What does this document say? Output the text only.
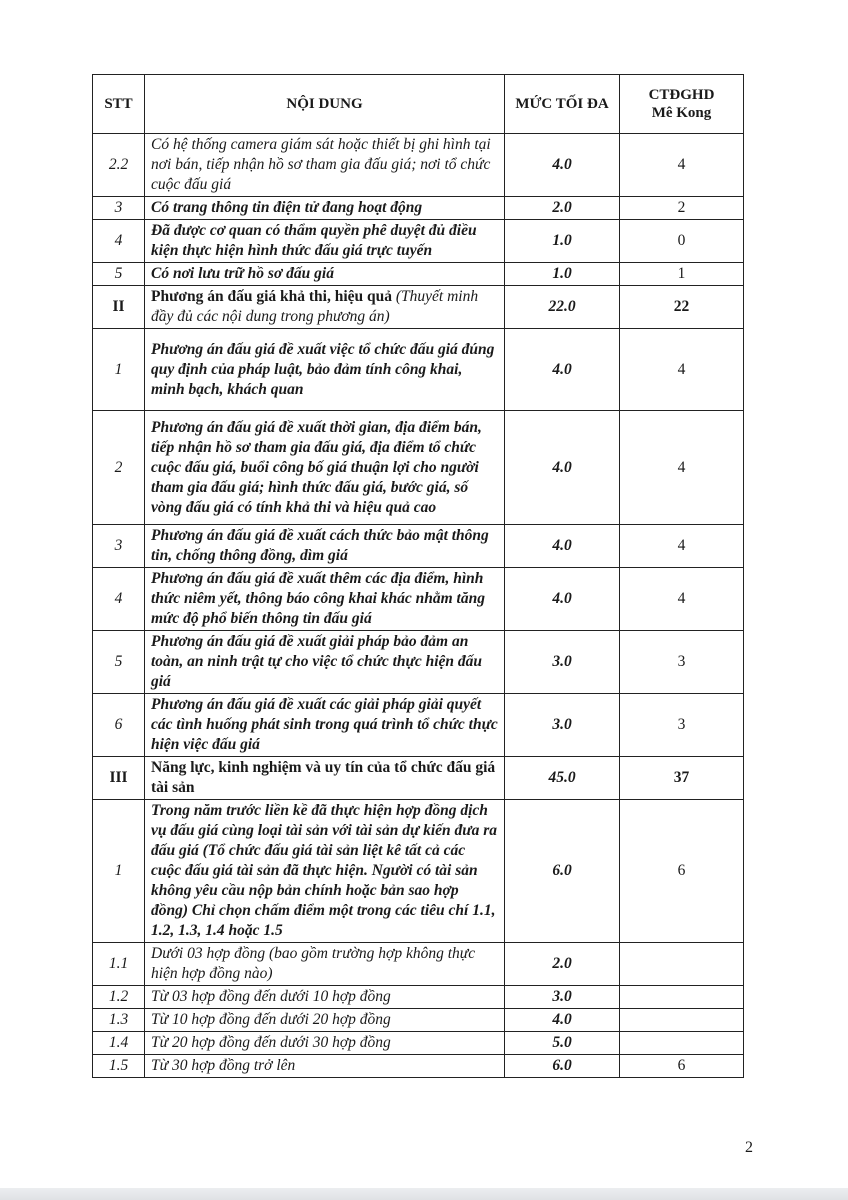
STT	NỘI DUNG	MỨC TỐI ĐA	CTĐGHD
Mê Kong
2.2	Có hệ thống camera giám sát hoặc thiết bị ghi hình tại nơi bán, tiếp nhận hồ sơ tham gia đấu giá; nơi tổ chức cuộc đấu giá	4.0	4
3	Có trang thông tin điện tử đang hoạt động	2.0	2
4	Đã được cơ quan có thẩm quyền phê duyệt đủ điều kiện thực hiện hình thức đấu giá trực tuyến	1.0	0
5	Có nơi lưu trữ hồ sơ đấu giá	1.0	1
II	Phương án đấu giá khả thi, hiệu quả (Thuyết minh đầy đủ các nội dung trong phương án)	22.0	22
1	Phương án đấu giá đề xuất việc tổ chức đấu giá đúng quy định của pháp luật, bảo đảm tính công khai, minh bạch, khách quan	4.0	4
2	Phương án đấu giá đề xuất thời gian, địa điểm bán, tiếp nhận hồ sơ tham gia đấu giá, địa điểm tổ chức cuộc đấu giá, buổi công bố giá thuận lợi cho người tham gia đấu giá; hình thức đấu giá, bước giá, số vòng đấu giá có tính khả thi và hiệu quả cao	4.0	4
3	Phương án đấu giá đề xuất cách thức bảo mật thông tin, chống thông đồng, dìm giá	4.0	4
4	Phương án đấu giá đề xuất thêm các địa điểm, hình thức niêm yết, thông báo công khai khác nhằm tăng mức độ phổ biến thông tin đấu giá	4.0	4
5	Phương án đấu giá đề xuất giải pháp bảo đảm an toàn, an ninh trật tự cho việc tổ chức thực hiện đấu giá	3.0	3
6	Phương án đấu giá đề xuất các giải pháp giải quyết các tình huống phát sinh trong quá trình tổ chức thực hiện việc đấu giá	3.0	3
III	Năng lực, kinh nghiệm và uy tín của tổ chức đấu giá tài sản	45.0	37
1	Trong năm trước liền kề đã thực hiện hợp đồng dịch vụ đấu giá cùng loại tài sản với tài sản dự kiến đưa ra đấu giá (Tổ chức đấu giá tài sản liệt kê tất cả các cuộc đấu giá tài sản đã thực hiện. Người có tài sản không yêu cầu nộp bản chính hoặc bản sao hợp đồng) Chỉ chọn chấm điểm một trong các tiêu chí 1.1, 1.2, 1.3, 1.4 hoặc 1.5	6.0	6
1.1	Dưới 03 hợp đồng (bao gồm trường hợp không thực hiện hợp đồng nào)	2.0	
1.2	Từ 03 hợp đồng đến dưới 10 hợp đồng	3.0	
1.3	Từ 10 hợp đồng đến dưới 20 hợp đồng	4.0	
1.4	Từ 20 hợp đồng đến dưới 30 hợp đồng	5.0	
1.5	Từ 30 hợp đồng trở lên	6.0	6
2
